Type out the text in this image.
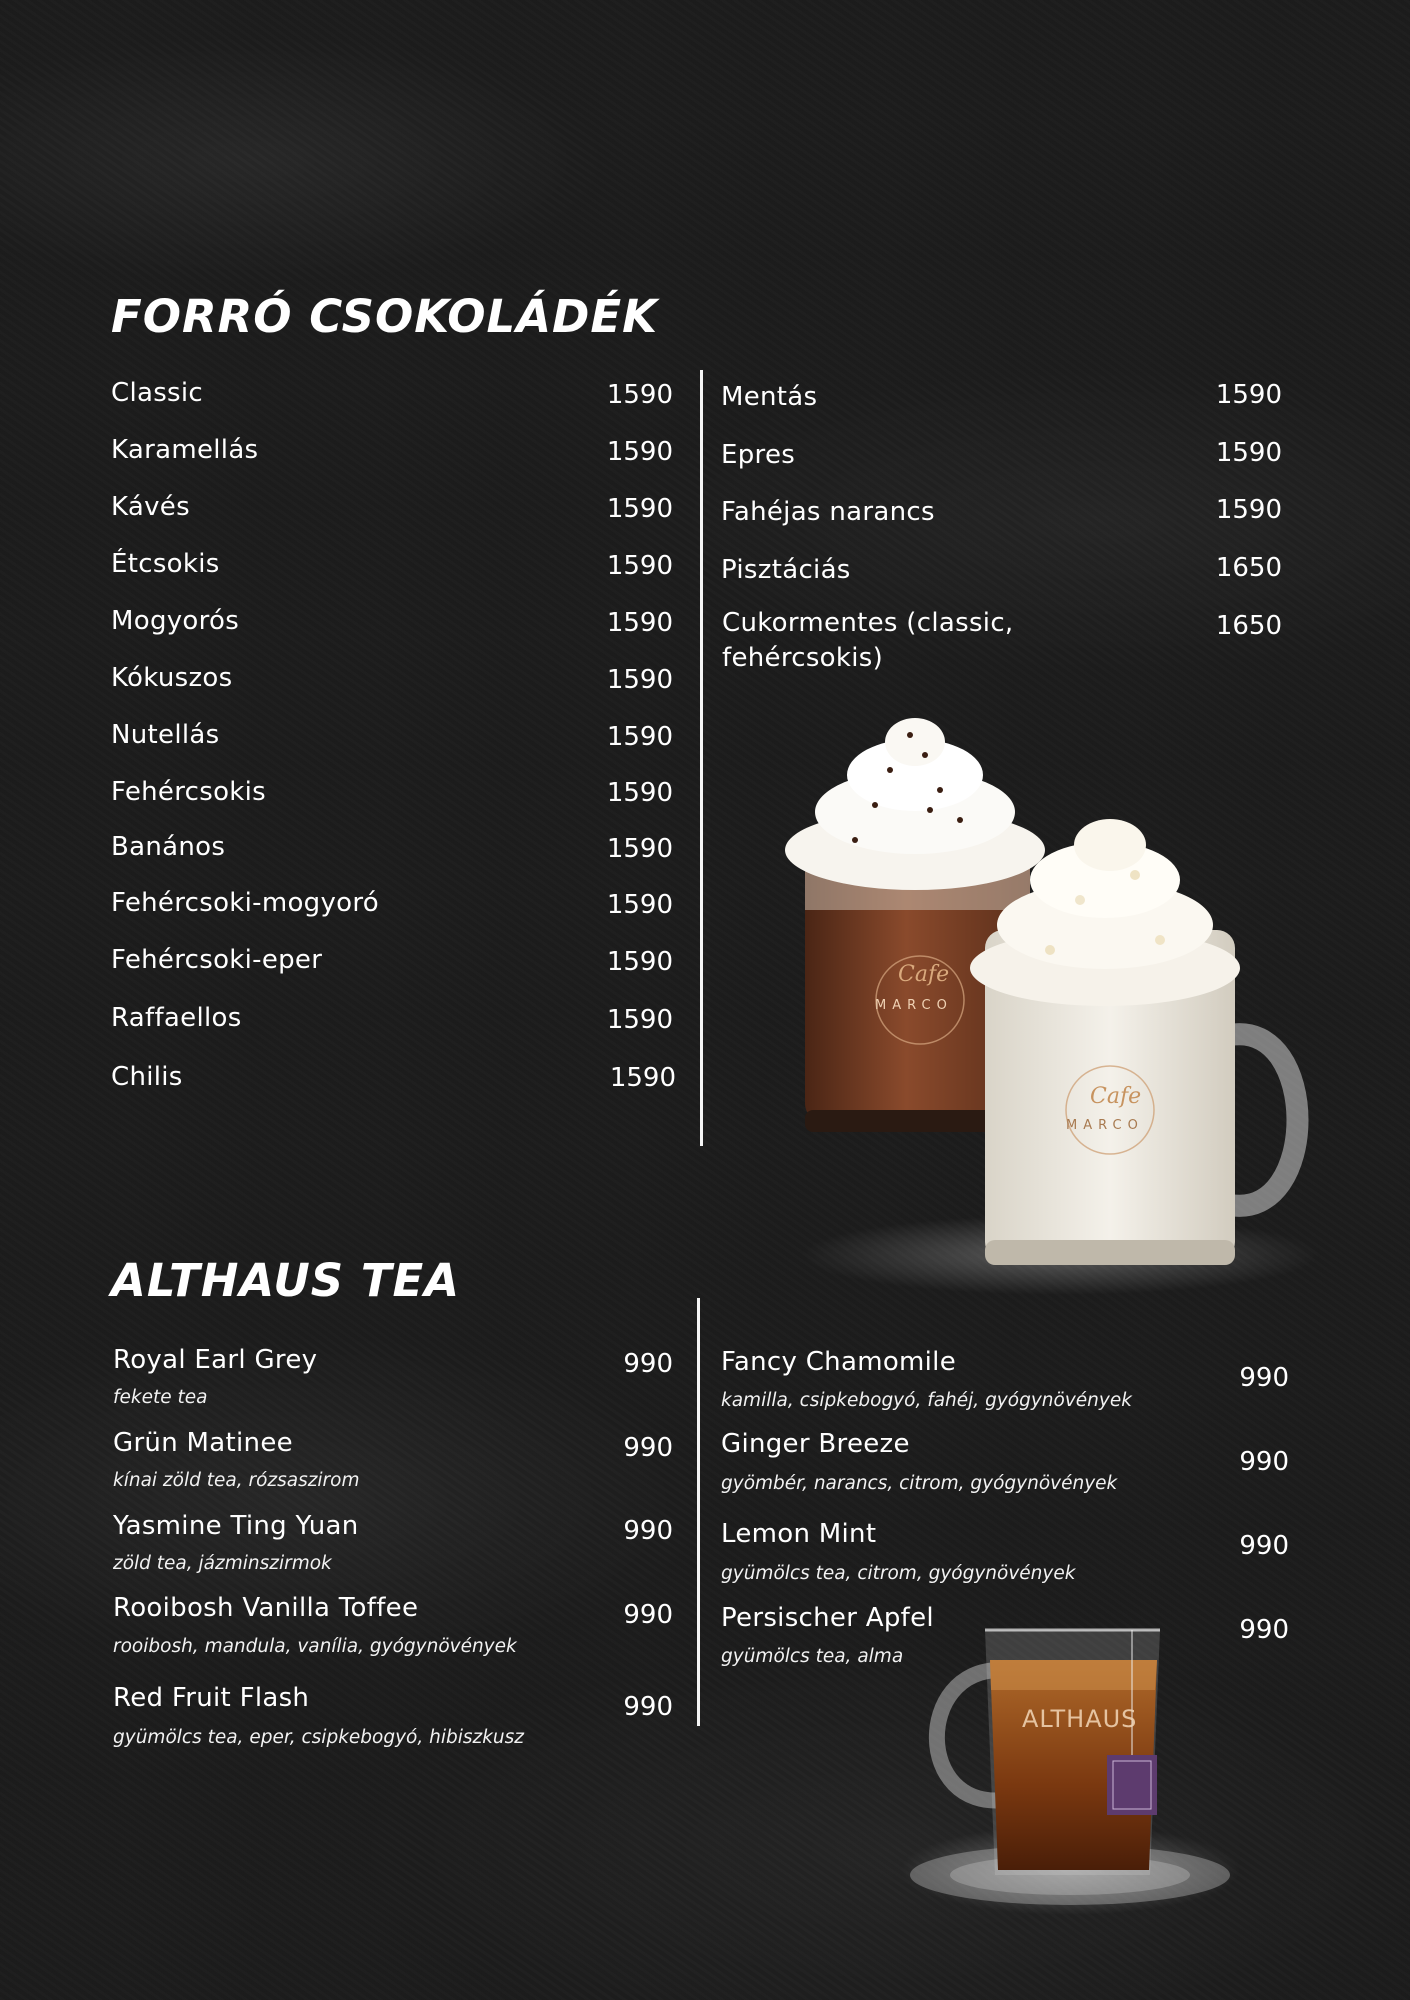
FORRÓ CSOKOLÁDÉK
Classic	1590
Karamellás	1590
Kávés	1590
Étcsokis	1590
Mogyorós	1590
Kókuszos	1590
Nutellás	1590
Fehércsokis	1590
Banános	1590
Fehércsoki-mogyoró	1590
Fehércsoki-eper	1590
Raffaellos	1590
Chilis	1590
Mentás	1590
Epres	1590
Fahéjas narancs	1590
Pisztáciás	1650
Cukormentes (classic, fehércsokis)
1650
Cafe
MARCO
Cafe
MARCO
ALTHAUS TEA
Royal Earl Grey
fekete tea
990
Grün Matinee
kínai zöld tea, rózsaszirom
990
Yasmine Ting Yuan
zöld tea, jázminszirmok
990
Rooibosh Vanilla Toffee
rooibosh, mandula, vanília, gyógynövények
990
Red Fruit Flash
gyümölcs tea, eper, csipkebogyó, hibiszkusz
990
Fancy Chamomile
kamilla, csipkebogyó, fahéj, gyógynövények
990
Ginger Breeze
gyömbér, narancs, citrom, gyógynövények
990
Lemon Mint
gyümölcs tea, citrom, gyógynövények
990
Persischer Apfel
gyümölcs tea, alma
990
ALTHAUS
